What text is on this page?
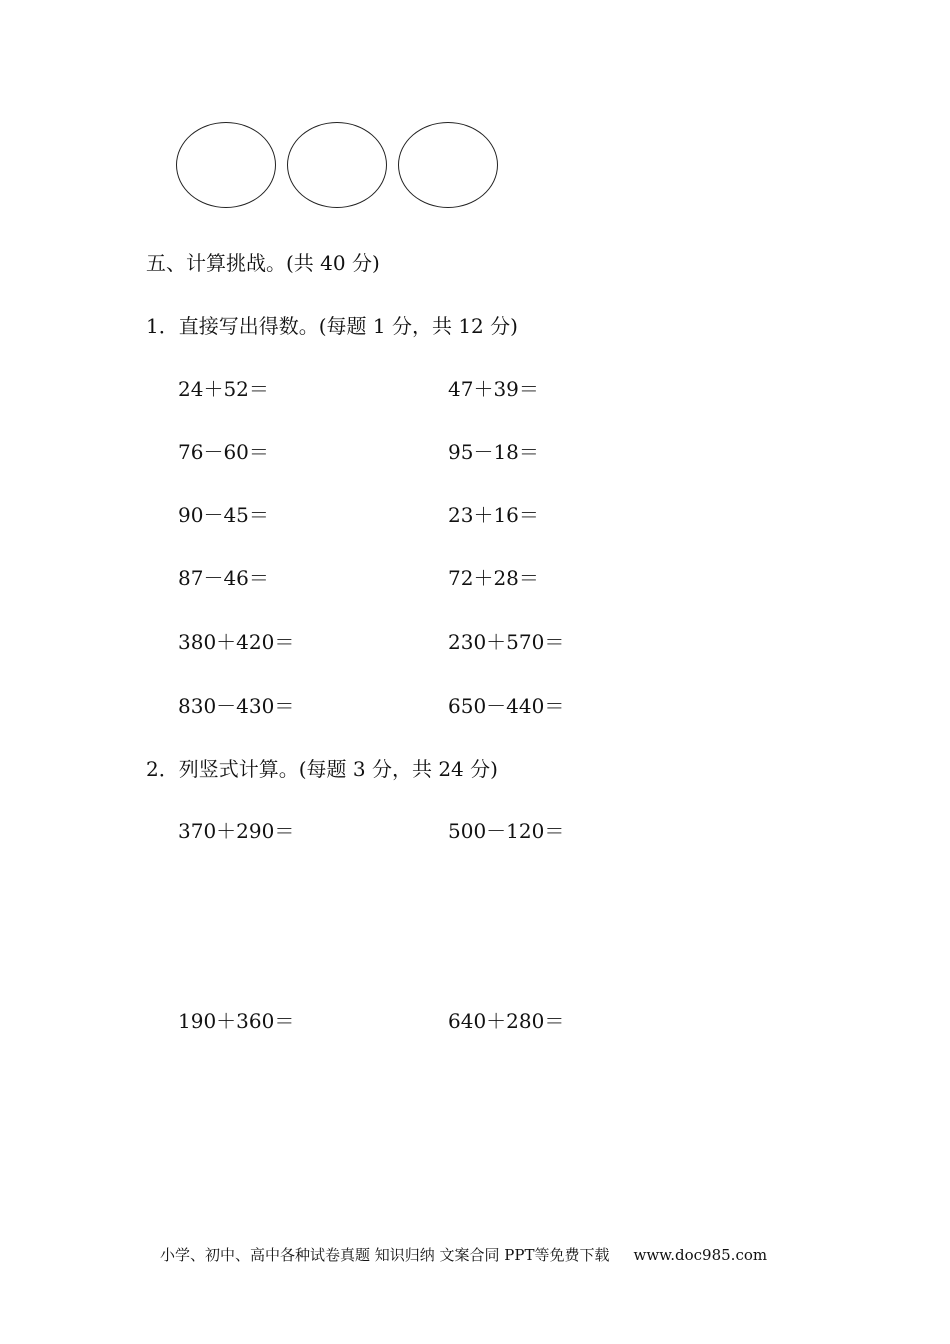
五、计算挑战。(共 40 分)
1．直接写出得数。(每题 1 分，共 12 分)
24＋52＝	47＋39＝
76－60＝	95－18＝
90－45＝	23＋16＝
87－46＝	72＋28＝
380＋420＝	230＋570＝
830－430＝	650－440＝
2．列竖式计算。(每题 3 分，共 24 分)
370＋290＝	500－120＝
190＋360＝	640＋280＝
小学、初中、高中各种试卷真题 知识归纳 文案合同 PPT等免费下载 www.doc985.com
